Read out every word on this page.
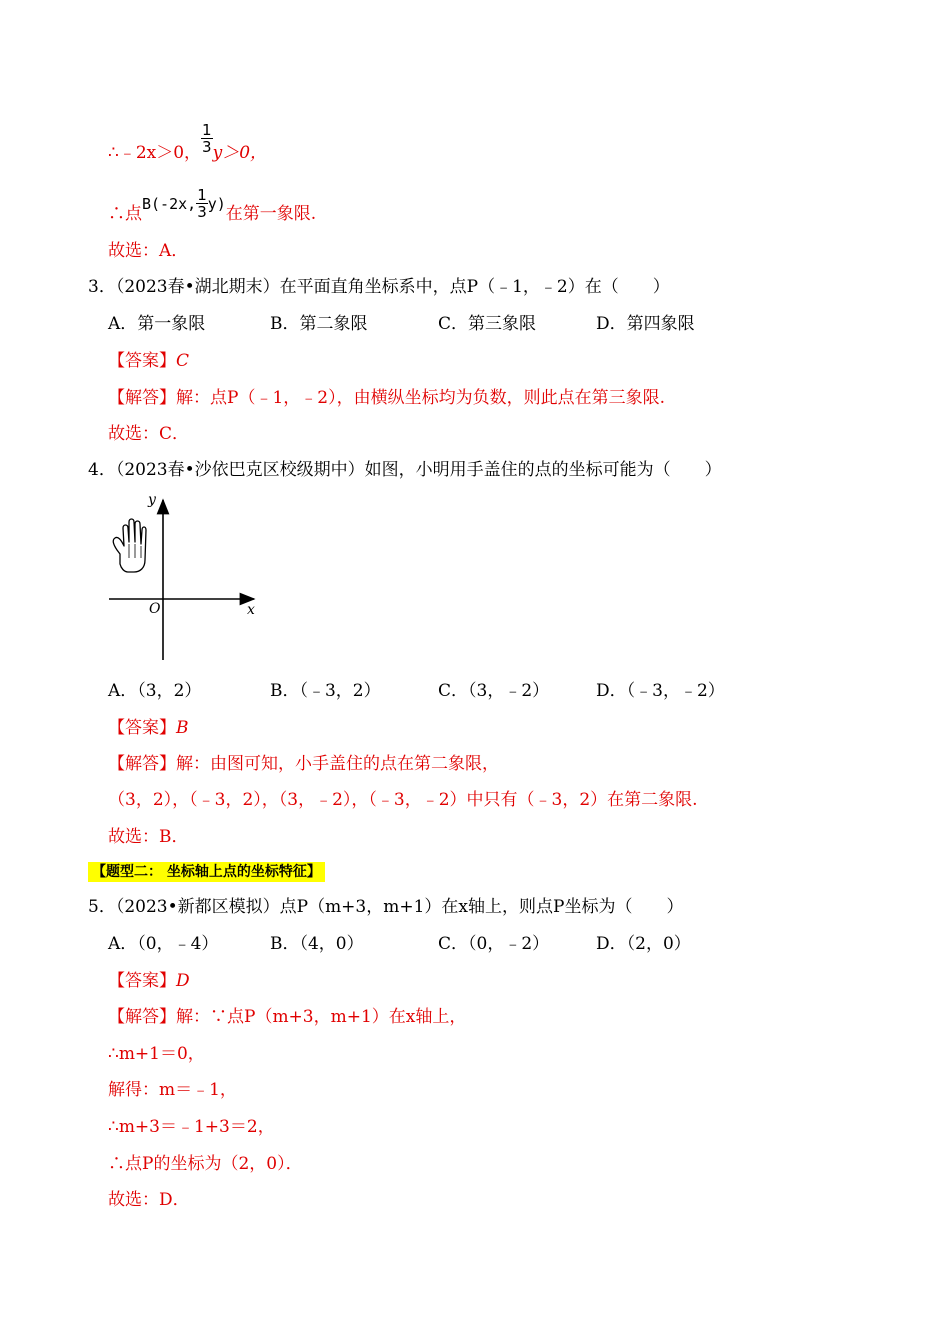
∴﹣2x＞0， $\frac{1}{3} y>0$，
∴点B(-2x, $\frac{1}{3} y$)在第一象限.
故选：A．
3．（2023春•湖北期末）在平面直角坐标系中，点P（﹣1，﹣2）在（　　）
A．第一象限	B．第二象限	C．第三象限	D．第四象限
【答案】C
【解答】解：点P（﹣1，﹣2），由横纵坐标均为负数，则此点在第三象限.
故选：C．
4．（2023春•沙依巴克区校级期中）如图，小明用手盖住的点的坐标可能为（　　）
y
x
O
A．（3，2）	B．（﹣3，2）	C．（3，﹣2）	D．（﹣3，﹣2）
【答案】B
【解答】解：由图可知，小手盖住的点在第二象限，
（3，2），（﹣3，2），（3，﹣2），（﹣3，﹣2）中只有（﹣3，2）在第二象限.
故选：B．
【题型二： 坐标轴上点的坐标特征】
5．（2023•新都区模拟）点P（m+3，m+1）在x轴上，则点P坐标为（　　）
A．（0，﹣4）	B．（4，0）	C．（0，﹣2）	D．（2，0）
【答案】D
【解答】解：∵点P（m+3，m+1）在x轴上，
∴m+1＝0，
解得：m＝﹣1，
∴m+3＝﹣1+3＝2，
∴点P的坐标为（2，0）．
故选：D．
